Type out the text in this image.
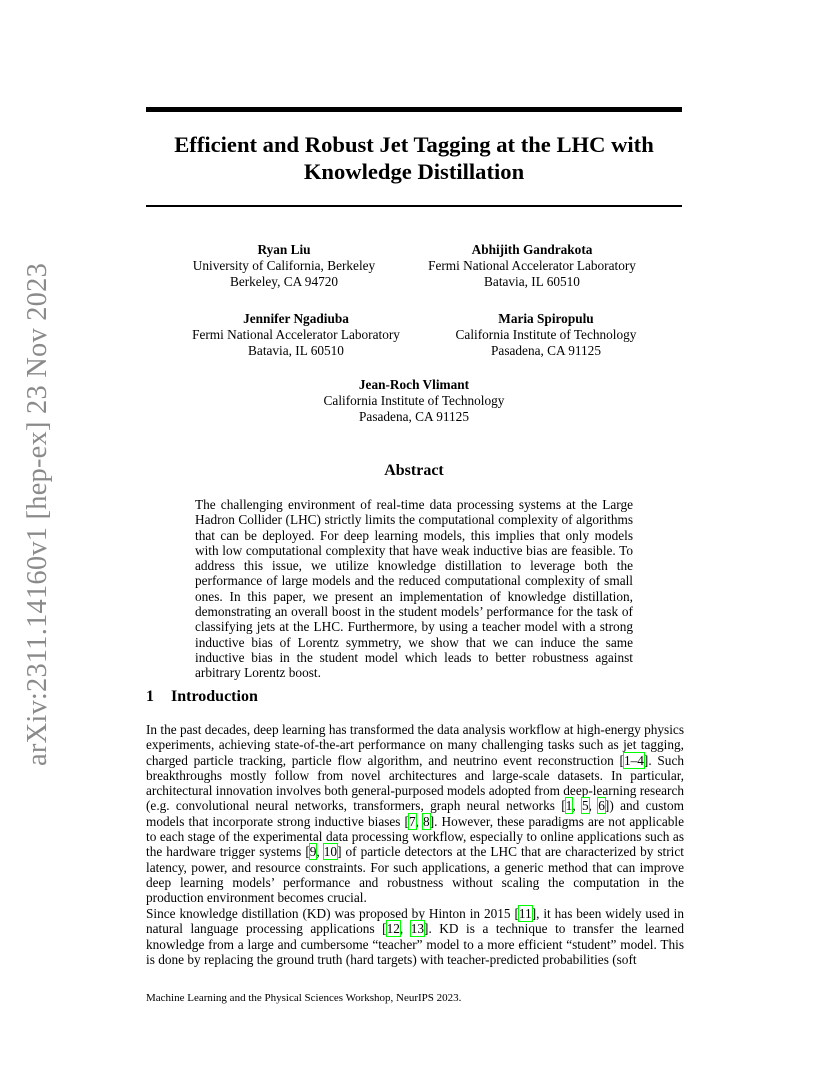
arXiv:2311.14160v1 [hep-ex] 23 Nov 2023
Efficient and Robust Jet Tagging at the LHC with
Knowledge Distillation
Ryan Liu
University of California, Berkeley
Berkeley, CA 94720
Abhijith Gandrakota
Fermi National Accelerator Laboratory
Batavia, IL 60510
Jennifer Ngadiuba
Fermi National Accelerator Laboratory
Batavia, IL 60510
Maria Spiropulu
California Institute of Technology
Pasadena, CA 91125
Jean-Roch Vlimant
California Institute of Technology
Pasadena, CA 91125
Abstract
The challenging environment of real-time data processing systems at the Large Hadron Collider (LHC) strictly limits the computational complexity of algorithms that can be deployed. For deep learning models, this implies that only models with low computational complexity that have weak inductive bias are feasible. To address this issue, we utilize knowledge distillation to leverage both the performance of large models and the reduced computational complexity of small ones. In this paper, we present an implementation of knowledge distillation, demonstrating an overall boost in the student models’ performance for the task of classifying jets at the LHC. Furthermore, by using a teacher model with a strong inductive bias of Lorentz symmetry, we show that we can induce the same inductive bias in the student model which leads to better robustness against arbitrary Lorentz boost.
1 Introduction
In the past decades, deep learning has transformed the data analysis workflow at high-energy physics experiments, achieving state-of-the-art performance on many challenging tasks such as jet tagging, charged particle tracking, particle flow algorithm, and neutrino event reconstruction [1–4]. Such breakthroughs mostly follow from novel architectures and large-scale datasets. In particular, architectural innovation involves both general-purposed models adopted from deep-learning research (e.g. convolutional neural networks, transformers, graph neural networks [1, 5, 6]) and custom models that incorporate strong inductive biases [7, 8]. However, these paradigms are not applicable to each stage of the experimental data processing workflow, especially to online applications such as the hardware trigger systems [9, 10] of particle detectors at the LHC that are characterized by strict latency, power, and resource constraints. For such applications, a generic method that can improve deep learning models’ performance and robustness without scaling the computation in the production environment becomes crucial.
Since knowledge distillation (KD) was proposed by Hinton in 2015 [11], it has been widely used in natural language processing applications [12, 13]. KD is a technique to transfer the learned knowledge from a large and cumbersome “teacher” model to a more efficient “student” model. This is done by replacing the ground truth (hard targets) with teacher-predicted probabilities (soft
Machine Learning and the Physical Sciences Workshop, NeurIPS 2023.
